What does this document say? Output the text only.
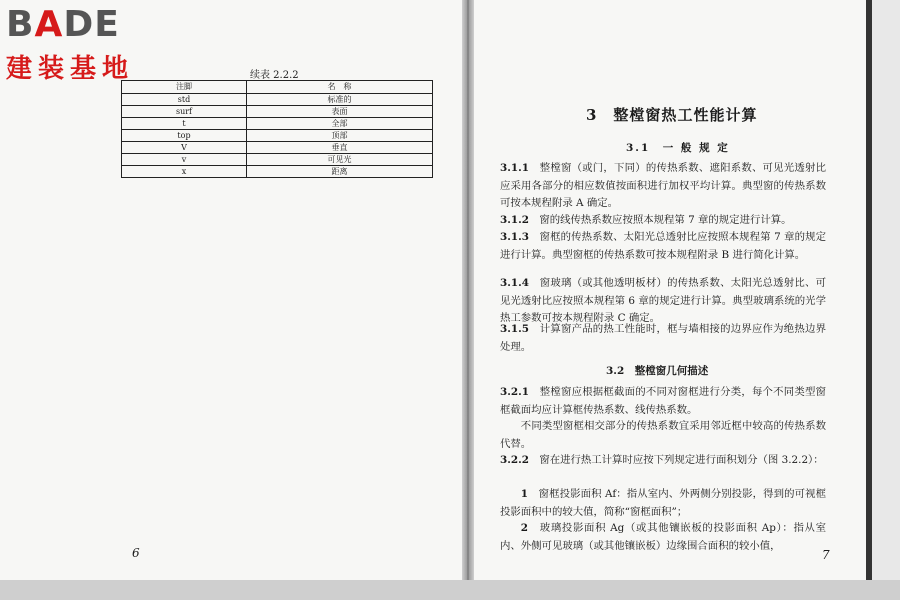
BADE
建装基地	续表 2.2.2
注脚	名　称
std	标准的
surf	表面
t	全部
top	顶部
V	垂直
v	可见光
x	距离
6
3　整樘窗热工性能计算
3.1　一 般 规 定
3.1.1　 整樘窗（或门，下同）的传热系数、遮阳系数、可见光透射比应采用各部分的相应数值按面积进行加权平均计算。典型窗的传热系数可按本规程附录 A 确定。
3.1.2　 窗的线传热系数应按照本规程第 7 章的规定进行计算。
3.1.3　 窗框的传热系数、太阳光总透射比应按照本规程第 7 章的规定进行计算。典型窗框的传热系数可按本规程附录 B 进行简化计算。
3.1.4　 窗玻璃（或其他透明板材）的传热系数、太阳光总透射比、可见光透射比应按照本规程第 6 章的规定进行计算。典型玻璃系统的光学热工参数可按本规程附录 C 确定。
3.1.5　 计算窗产品的热工性能时，框与墙相接的边界应作为绝热边界处理。
3.2　整樘窗几何描述
3.2.1　 整樘窗应根据框截面的不同对窗框进行分类，每个不同类型窗框截面均应计算框传热系数、线传热系数。
不同类型窗框相交部分的传热系数宜采用邻近框中较高的传热系数代替。
3.2.2　 窗在进行热工计算时应按下列规定进行面积划分（图 3.2.2）：
1　 窗框投影面积 Af：指从室内、外两侧分别投影，得到的可视框投影面积中的较大值，简称“窗框面积”；
2　 玻璃投影面积 Ag（或其他镶嵌板的投影面积 Ap）：指从室内、外侧可见玻璃（或其他镶嵌板）边缘围合面积的较小值，
7
